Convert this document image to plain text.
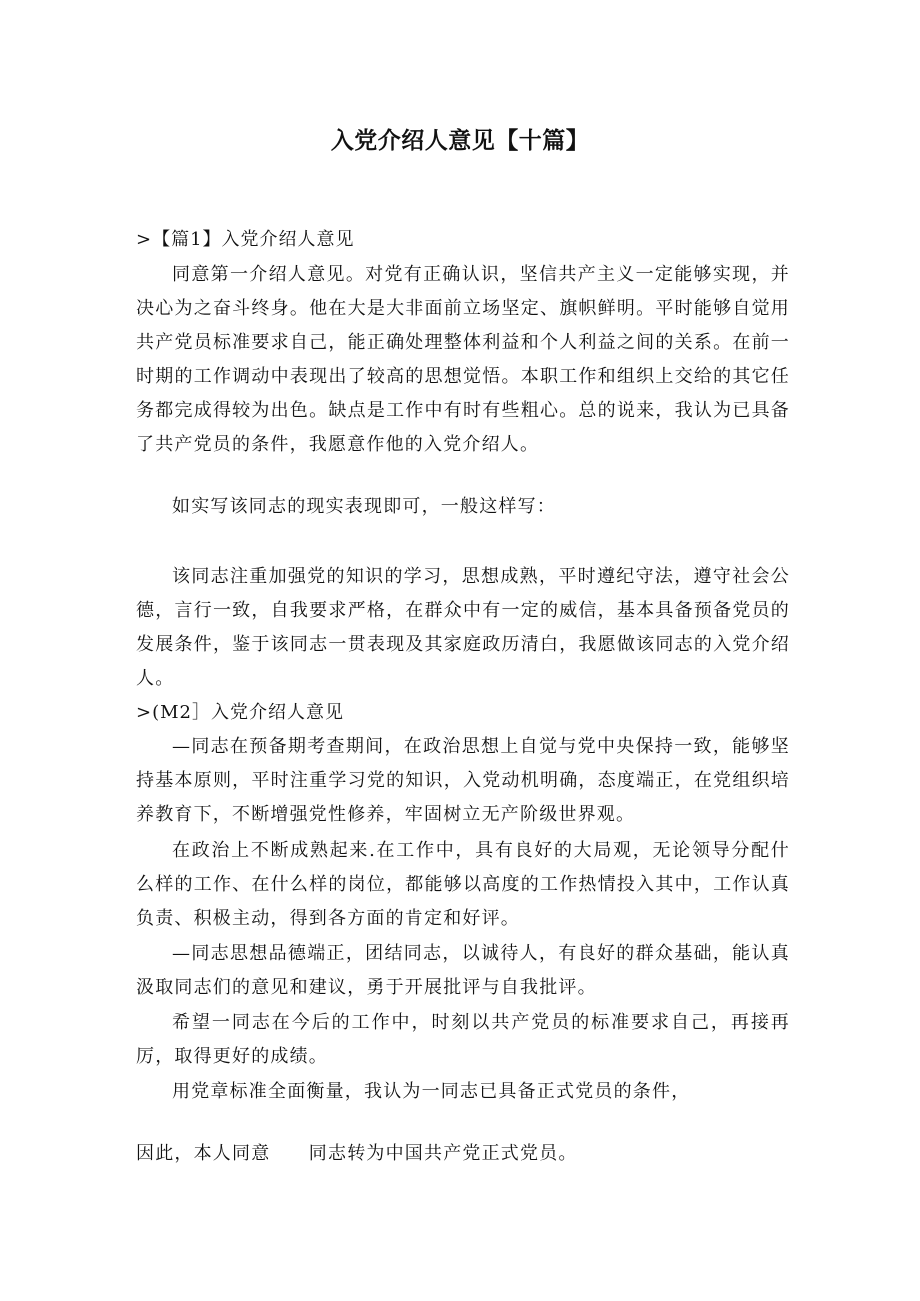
入党介绍人意见【十篇】

>【篇1】入党介绍人意见

同意第一介绍人意见。对党有正确认识，坚信共产主义一定能够实现，并决心为之奋斗终身。他在大是大非面前立场坚定、旗帜鲜明。平时能够自觉用共产党员标准要求自己，能正确处理整体利益和个人利益之间的关系。在前一时期的工作调动中表现出了较高的思想觉悟。本职工作和组织上交给的其它任务都完成得较为出色。缺点是工作中有时有些粗心。总的说来，我认为已具备了共产党员的条件，我愿意作他的入党介绍人。

如实写该同志的现实表现即可，一般这样写：

该同志注重加强党的知识的学习，思想成熟，平时遵纪守法，遵守社会公德，言行一致，自我要求严格，在群众中有一定的威信，基本具备预备党员的发展条件，鉴于该同志一贯表现及其家庭政历清白，我愿做该同志的入党介绍人。

>(M2］入党介绍人意见

—同志在预备期考查期间，在政治思想上自觉与党中央保持一致，能够坚持基本原则，平时注重学习党的知识，入党动机明确，态度端正，在党组织培养教育下，不断增强党性修养，牢固树立无产阶级世界观。

在政治上不断成熟起来.在工作中，具有良好的大局观，无论领导分配什么样的工作、在什么样的岗位，都能够以高度的工作热情投入其中，工作认真负责、积极主动，得到各方面的肯定和好评。

—同志思想品德端正，团结同志，以诚待人，有良好的群众基础，能认真汲取同志们的意见和建议，勇于开展批评与自我批评。

希望一同志在今后的工作中，时刻以共产党员的标准要求自己，再接再厉，取得更好的成绩。

用党章标准全面衡量，我认为一同志已具备正式党员的条件，

因此，本人同意　　同志转为中国共产党正式党员。
